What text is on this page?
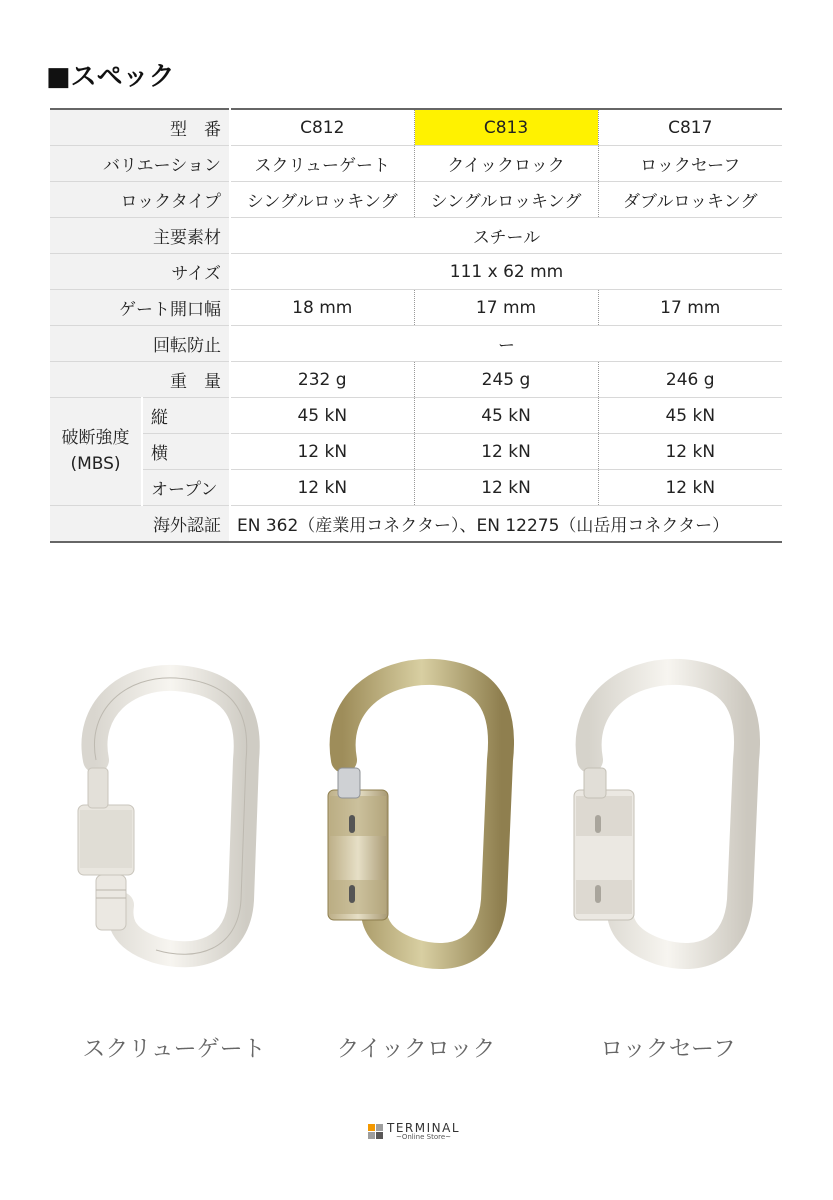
■スペック
型　番		C812	C813	C817
バリエーション		スクリューゲート	クイックロック	ロックセーフ
ロックタイプ		シングルロッキング	シングルロッキング	ダブルロッキング
主要素材		スチール		
サイズ		111 x 62 mm		
ゲート開口幅		18 mm	17 mm	17 mm
回転防止		ー		
重　量		232 g	245 g	246 g

破断強度
(MBS)	縦	45 kN	45 kN	45 kN
	横	12 kN	12 kN	12 kN
	オープン	12 kN	12 kN	12 kN
海外認証		EN 362（産業用コネクター）、EN 12275（山岳用コネクター）		
スクリューゲート	クイックロック	ロックセーフ
TERMINAL
~Online Store~
